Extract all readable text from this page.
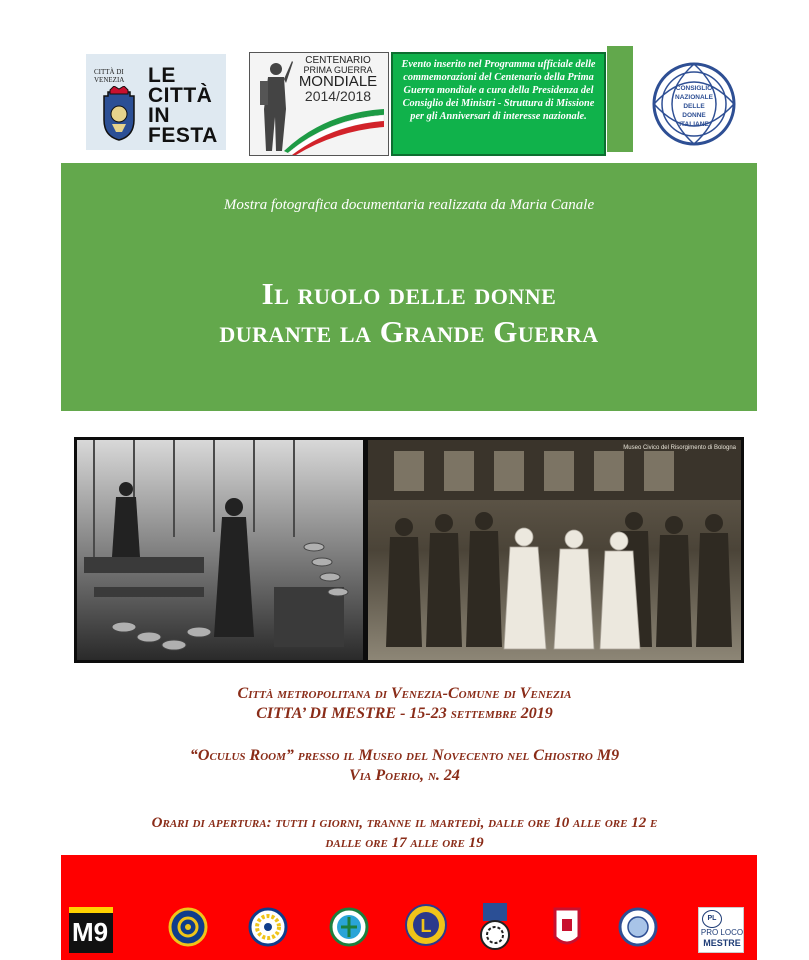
CITTÀ DI
VENEZIA LE
CITTÀ
IN
FESTA
CENTENARIO
PRIMA GUERRA
MONDIALE
2014/2018
Evento inserito nel Programma ufficiale delle commemorazioni del Centenario della Prima Guerra mondiale a cura della Presidenza del Consiglio dei Ministri - Struttura di Missione per gli Anniversari di interesse nazionale.
CONSIGLIO
NAZIONALE
DELLE
DONNE
ITALIANE
Mostra fotografica documentaria realizzata da Maria Canale
Il ruolo delle donne
durante la Grande Guerra
Museo Civico del Risorgimento di Bologna
Città metropolitana di Venezia-Comune di Venezia
CITTA’ DI MESTRE - 15-23 settembre 2019
“Oculus Room” presso il Museo del Novecento nel Chiostro M9
Via Poerio, n. 24
Orari di apertura: tutti i giorni, tranne il martedì, dalle ore 10 alle ore 12 e
dalle ore 17 alle ore 19
M9	L	PL
PRO LOCO
MESTRE
